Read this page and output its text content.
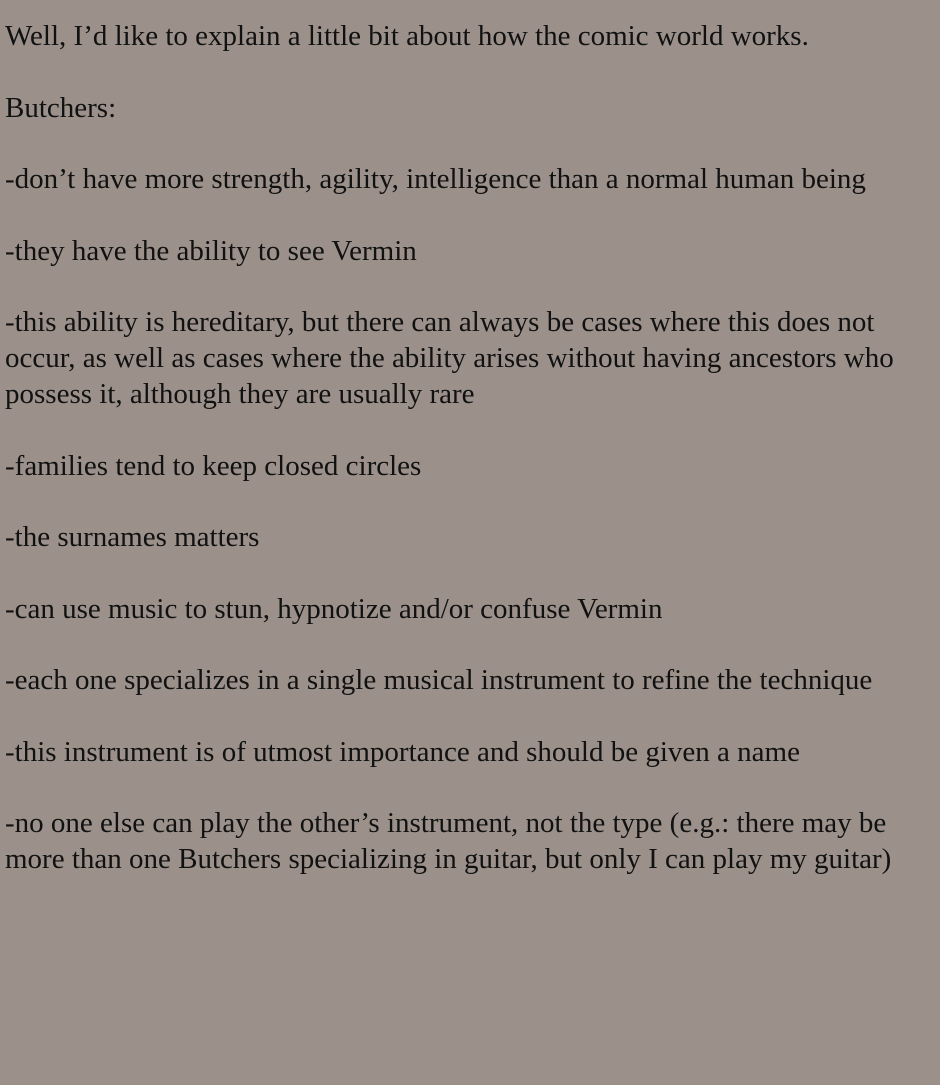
Well, I’d like to explain a little bit about how the comic world works.

Butchers:

-don’t have more strength, agility, intelligence than a normal human being

-they have the ability to see Vermin

-this ability is hereditary, but there can always be cases where this does not occur, as well as cases where the ability arises without having ancestors who possess it, although they are usually rare

-families tend to keep closed circles

-the surnames matters

-can use music to stun, hypnotize and/or confuse Vermin

-each one specializes in a single musical instrument to refine the technique

-this instrument is of utmost importance and should be given a name

-no one else can play the other’s instrument, not the type (e.g.: there may be more than one Butchers specializing in guitar, but only I can play my guitar)
